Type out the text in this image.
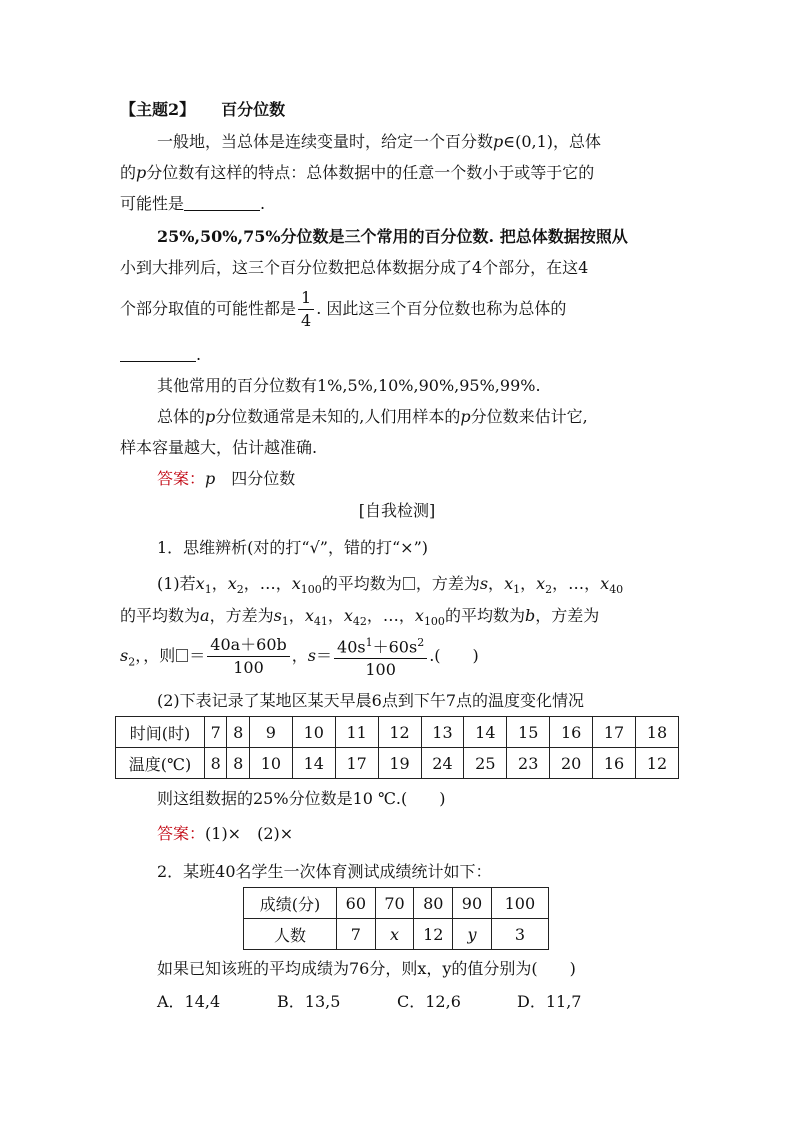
【主题2】 百分位数
一般地，当总体是连续变量时，给定一个百分数p∈(0,1)，总体
的p分位数有这样的特点：总体数据中的任意一个数小于或等于它的
可能性是	.
25%,50%,75%分位数是三个常用的百分位数. 把总体数据按照从
小到大排列后，这三个百分位数把总体数据分成了4个部分，在这4
个部分取值的可能性都是 $\frac{1}{4}$ . 因此这三个百分位数也称为总体的
.
其他常用的百分位数有1%,5%,10%,90%,95%,99%.
总体的p分位数通常是未知的,人们用样本的p分位数来估计它,
样本容量越大，估计越准确.
答案：p 四分位数
[自我检测]
1．思维辨析(对的打“√”，错的打“×”)
(1)若$x_1$，$x_2$，…，$x_{100}$的平均数为 ，方差为s，$x_1$，$x_2$，…，$x_{40}$
的平均数为a，方差为$s_1$，$x_{41}$，$x_{42}$，…，$x_{100}$的平均数为b，方差为
$s_2$，，则 ＝ $\frac{40a+60b}{100}$ ，$s= \frac{40s^1+60s^2}{100}$ .(　　)
(2)下表记录了某地区某天早晨6点到下午7点的温度变化情况
时间(时)	7	8	9	10	11	12	13	14	15	16	17	18
温度(℃)	8	8	10	14	17	19	24	25	23	20	16	12
则这组数据的25%分位数是10 ℃.(　　)
答案：(1)×　(2)×
2．某班40名学生一次体育测试成绩统计如下：
成绩(分)	60	70	80	90	100
人数	7	x	12	y	3
如果已知该班的平均成绩为76分，则x，y的值分别为(　　)
A．14,4	B．13,5	C．12,6	D．11,7
